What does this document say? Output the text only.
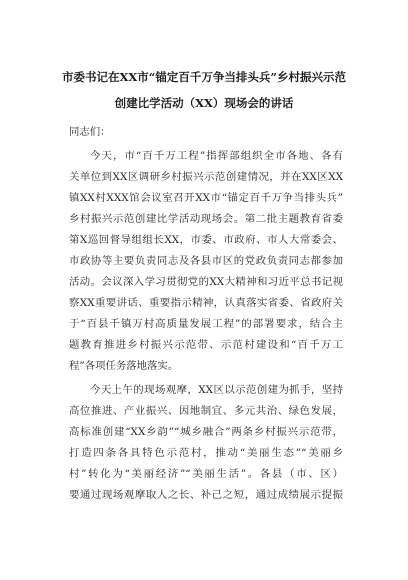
市委书记在XX市“锚定百千万争当排头兵”乡村振兴示范
创建比学活动（XX）现场会的讲话
同志们：
今天，市“百千万工程”指挥部组织全市各地、各有
关单位到XX区调研乡村振兴示范创建情况，并在XX区XX
镇XX村XXX馆会议室召开XX市“锚定百千万争当排头兵”
乡村振兴示范创建比学活动现场会。第二批主题教育省委
第X巡回督导组组长XX，市委、市政府、市人大常委会、
市政协等主要负责同志及各县市区的党政负责同志都参加
活动。会议深入学习贯彻党的XX大精神和习近平总书记视
察XX重要讲话、重要指示精神，认真落实省委、省政府关
于“百县千镇万村高质量发展工程”的部署要求，结合主
题教育推进乡村振兴示范带、示范村建设和“百千万工
程”各项任务落地落实。
今天上午的现场观摩，XX区以示范创建为抓手，坚持
高位推进、产业振兴、因地制宜、多元共治、绿色发展，
高标准创建“XX乡韵”“城乡融合”两条乡村振兴示范带，
打造四条各具特色示范村，推动“美丽生态”“美丽乡
村”转化为“美丽经济”“美丽生活”。各县（市、区）
要通过现场观摩取人之长、补己之短，通过成绩展示提振
